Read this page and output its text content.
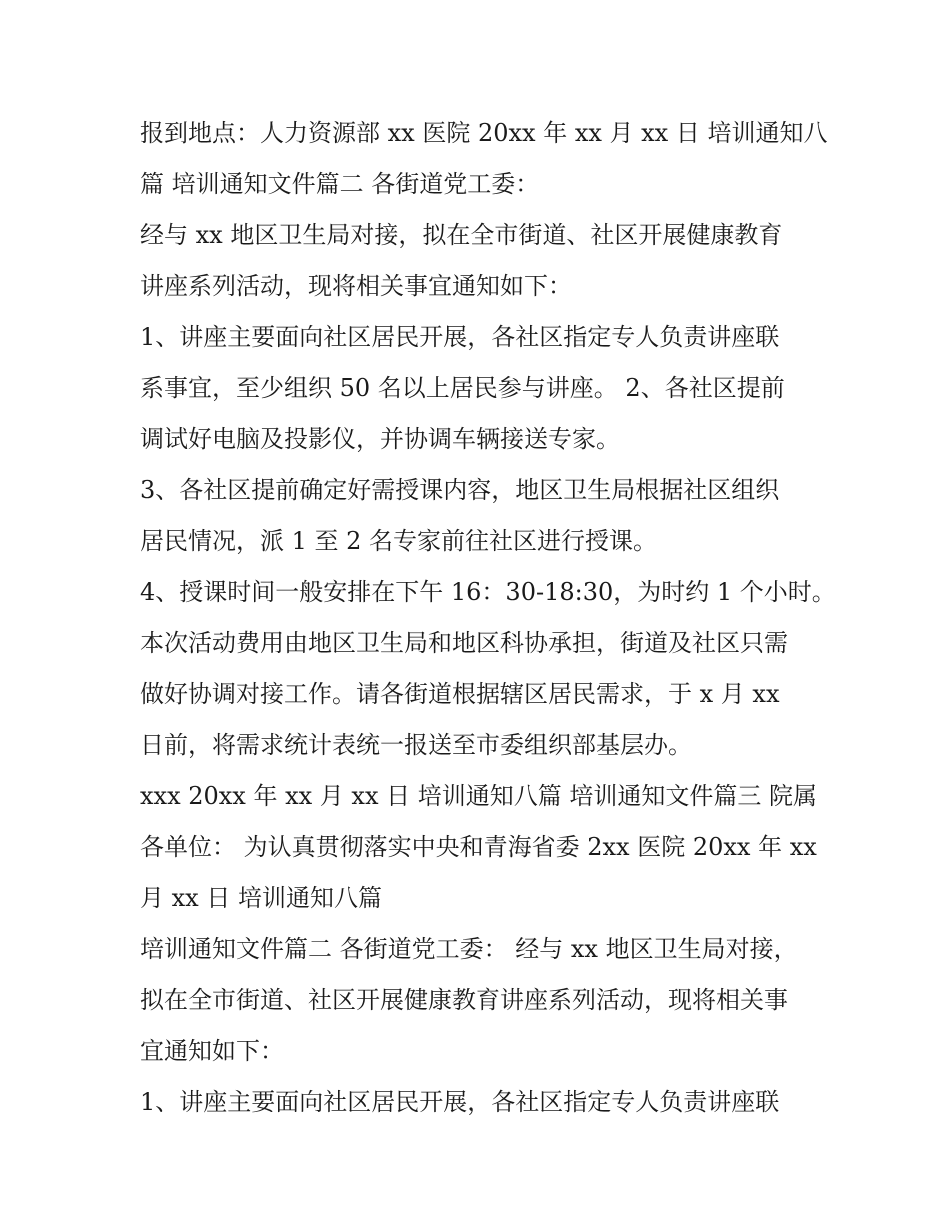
报到地点：人力资源部 xx 医院 20xx 年 xx 月 xx 日 培训通知八
篇 培训通知文件篇二 各街道党工委：
经与 xx 地区卫生局对接，拟在全市街道、社区开展健康教育
讲座系列活动，现将相关事宜通知如下：
1、讲座主要面向社区居民开展，各社区指定专人负责讲座联
系事宜，至少组织 50 名以上居民参与讲座。 2、各社区提前
调试好电脑及投影仪，并协调车辆接送专家。
3、各社区提前确定好需授课内容，地区卫生局根据社区组织
居民情况，派 1 至 2 名专家前往社区进行授课。
4、授课时间一般安排在下午 16：30-18:30，为时约 1 个小时。
本次活动费用由地区卫生局和地区科协承担，街道及社区只需
做好协调对接工作。请各街道根据辖区居民需求，于 x 月 xx
日前，将需求统计表统一报送至市委组织部基层办。
xxx 20xx 年 xx 月 xx 日 培训通知八篇 培训通知文件篇三 院属
各单位： 为认真贯彻落实中央和青海省委 2xx 医院 20xx 年 xx
月 xx 日 培训通知八篇
培训通知文件篇二 各街道党工委： 经与 xx 地区卫生局对接，
拟在全市街道、社区开展健康教育讲座系列活动，现将相关事
宜通知如下：
1、讲座主要面向社区居民开展，各社区指定专人负责讲座联
